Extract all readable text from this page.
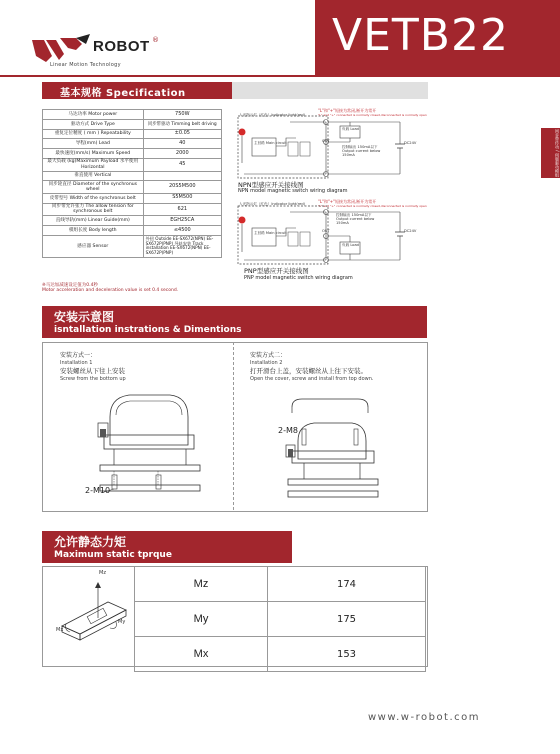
ROBOT ®
Linear Motion Technology
VETB22
同步带传动 / 伺服驱动模组
基本规格 Specification
马达功率 Motor power	750W
驱动方式 Drive Type	同步带驱动 Timming belt driving
重复定位精度 ( mm ) Repeatability	±0.05
导程(mm) Lead	40
最快速度(mm/s) Maximum Speed	2000
最大负载 (kg)Maximum Payload 水平使用 Horizontal	45
垂直使用 Vertical	
同步轮直径 Diameter of the synchronus wheel	20S5M500
皮带型号 Width of the synchronus belt	S5M500
同步带允许张力 The allow tension for synchronous belt	621
直线导轨(mm) Linear Guide(mm)	EGH25CA
模组长度 Body length	≤4500
感应器 Sensor	外扭 Outside EE-SX672(NPN) EE-SX672P(PNP) 导轨安装 Track installation EE-SX672(NPN) EE-SX672P(PNP)
※马达加减速设定值为0.4秒
Motor acceleration and deceleration value is set 0.4 second.
"L"和"+"短接为常闭,断开为常开
"L" and "+" connected is normally closed,disconnected is normally open
入光指示灯（红色）Indicator light(red)
主回路 Main circuit
负载 Load
OUT
控制输出 150mA以下 Output current below 150mA
DC24V
NPN型感应开关接线图
NPN model magnetic switch wiring diagram
"L"和"+"短接为常闭,断开为常开
"L" and "+" connected is normally closed,disconnected is normally open
入光指示灯（红色）Indicator light(red)
主回路 Main circuit
负载 Load
OUT
控制输出 150mA以下 Output current below 150mA
DC24V
PNP型感应开关接线图
PNP model magnetic switch wiring diagram
安装示意图
isntallation instrations & Dimentions
安装方式一：
Installation 1
安装螺丝从下往上安装
Screw from the bottom up
2-M10
安装方式二：
Installation 2
打开滑台上盖，安装螺丝从上往下安装。
Open the cover, screw and install from top down.
2-M8
允许静态力矩
Maximum static tprque
Mz
My
Mx
Mz	174
My	175
Mx	153
www.w-robot.com
